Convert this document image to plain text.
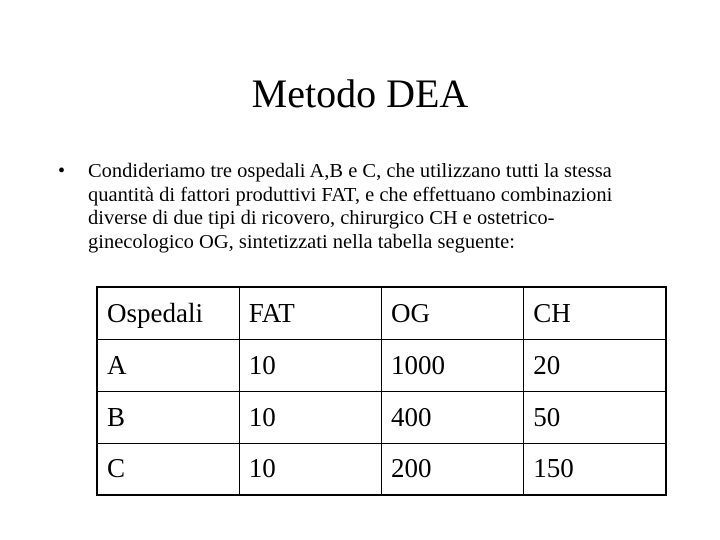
Metodo DEA
• Condideriamo tre ospedali A,B e C, che utilizzano tutti la stessa quantità di fattori produttivi FAT, e che effettuano combinazioni diverse di due tipi di ricovero, chirurgico CH e ostetrico-ginecologico OG, sintetizzati nella tabella seguente:
Ospedali	FAT	OG	CH
A	10	1000	20
B	10	400	50
C	10	200	150
